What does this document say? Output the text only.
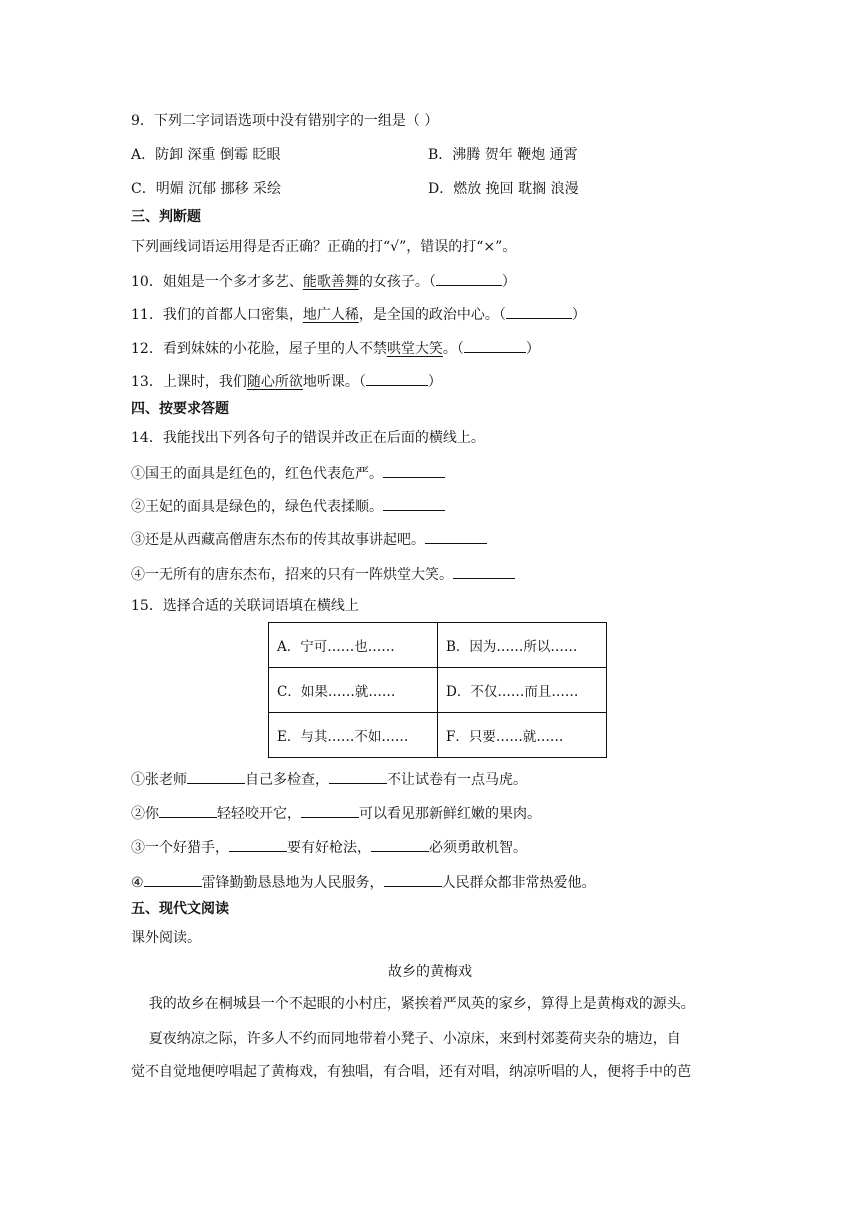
9．下列二字词语选项中没有错别字的一组是（ ）
A．防卸 深重 倒霉 眨眼	B．沸腾 贺年 鞭炮 通霄
C．明媚 沉郁 挪移 采绘	D．燃放 挽回 耽搁 浪漫
三、判断题
下列画线词语运用得是否正确？正确的打“√”，错误的打“×”。
10．姐姐是一个多才多艺、能歌善舞的女孩子。（	）
11．我们的首都人口密集，地广人稀，是全国的政治中心。（	）
12．看到妹妹的小花脸，屋子里的人不禁哄堂大笑。（	）
13．上课时，我们随心所欲地听课。（	）
四、按要求答题
14．我能找出下列各句子的错误并改正在后面的横线上。
①国王的面具是红色的，红色代表危严。
②王妃的面具是绿色的，绿色代表揉顺。
③还是从西藏高僧唐东杰布的传其故事讲起吧。
④一无所有的唐东杰布，招来的只有一阵烘堂大笑。
15．选择合适的关联词语填在横线上
A．宁可……也……	B．因为……所以……
C．如果……就……	D．不仅……而且……
E．与其……不如……	F．只要……就……
①张老师	自己多检查，	不让试卷有一点马虎。
②你	轻轻咬开它，	可以看见那新鲜红嫩的果肉。
③一个好猎手，	要有好枪法，	必须勇敢机智。
④	雷锋勤勤恳恳地为人民服务，	人民群众都非常热爱他。
五、现代文阅读
课外阅读。
故乡的黄梅戏
我的故乡在桐城县一个不起眼的小村庄，紧挨着严凤英的家乡，算得上是黄梅戏的源头。
夏夜纳凉之际，许多人不约而同地带着小凳子、小凉床，来到村郊菱荷夹杂的塘边，自
觉不自觉地便哼唱起了黄梅戏，有独唱，有合唱，还有对唱，纳凉听唱的人，便将手中的芭
